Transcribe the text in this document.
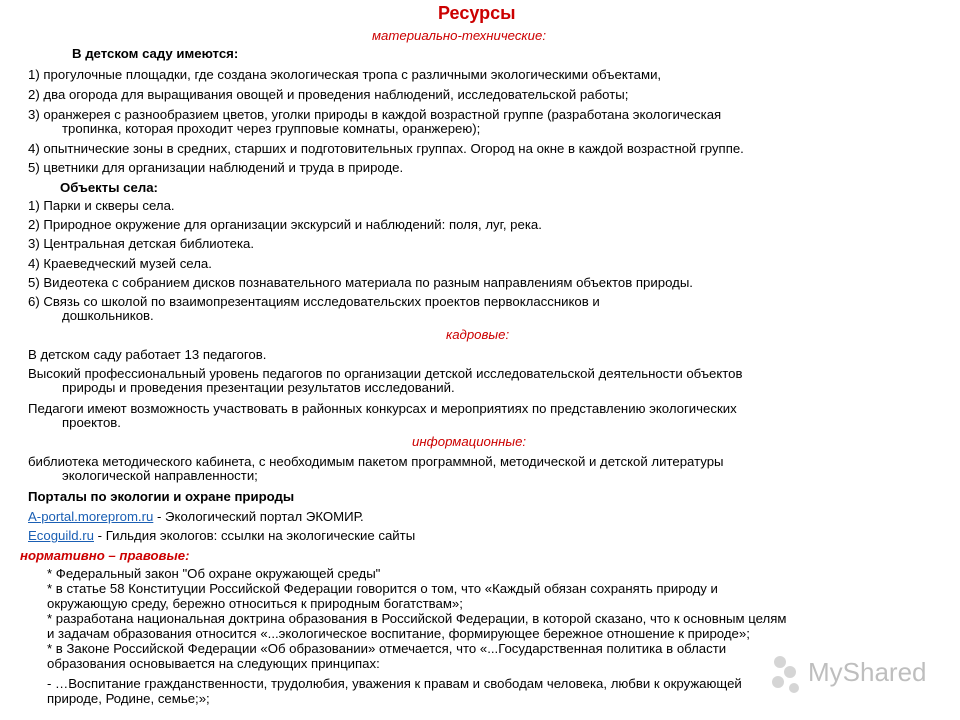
Ресурсы
материально-технические:
В детском саду имеются:
1) прогулочные площадки, где создана экологическая тропа с различными экологическими объектами,
2) два огорода для выращивания овощей и проведения наблюдений, исследовательской работы;
3) оранжерея с разнообразием цветов, уголки природы в каждой возрастной группе (разработана экологическая
тропинка, которая проходит через групповые комнаты, оранжерею);
4) опытнические зоны в средних, старших и подготовительных группах. Огород на окне в каждой возрастной группе.
5) цветники для организации наблюдений и труда в природе.
Объекты села:
1) Парки и скверы села.
2) Природное окружение для организации экскурсий и наблюдений: поля, луг, река.
3) Центральная детская библиотека.
4) Краеведческий музей села.
5) Видеотека с собранием дисков познавательного материала по разным направлениям объектов природы.
6) Связь со школой по взаимопрезентациям исследовательских проектов первоклассников и
дошкольников.
кадровые:
В детском саду работает 13 педагогов.
Высокий профессиональный уровень педагогов по организации детской исследовательской деятельности объектов
природы и проведения презентации результатов исследований.
Педагоги имеют возможность участвовать в районных конкурсах и мероприятиях по представлению экологических
проектов.
информационные:
библиотека методического кабинета, с необходимым пакетом программной, методической и детской литературы
экологической направленности;
Порталы по экологии и охране природы
A-portal.moreprom.ru - Экологический портал ЭКОМИР.
Ecoguild.ru - Гильдия экологов: ссылки на экологические сайты
нормативно – правовые:
* Федеральный закон "Об охране окружающей среды"
* в статье 58 Конституции Российской Федерации говорится о том, что «Каждый обязан сохранять природу и
окружающую среду, бережно относиться к природным богатствам»;
* разработана национальная доктрина образования в Российской Федерации, в которой сказано, что к основным целям
и задачам образования относится «...экологическое воспитание, формирующее бережное отношение к природе»;
* в Законе Российской Федерации «Об образовании» отмечается, что «...Государственная политика в области
образования основывается на следующих принципах:
- …Воспитание гражданственности, трудолюбия, уважения к правам и свободам человека, любви к окружающей
природе, Родине, семье;»;
MyShared
